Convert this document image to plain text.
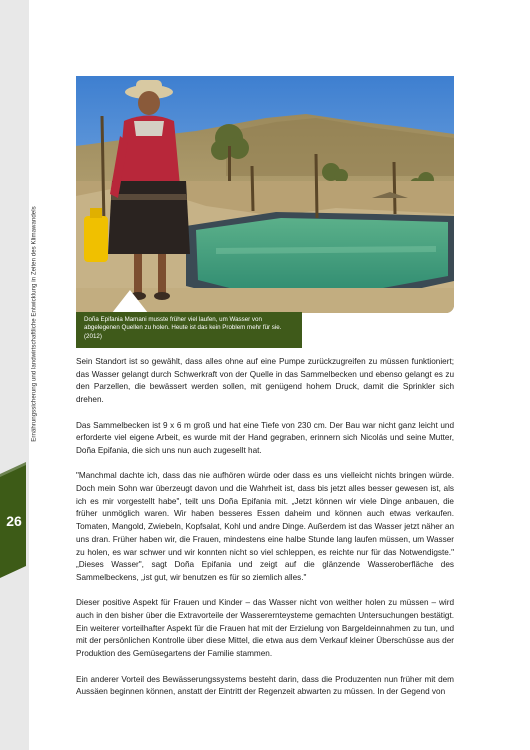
Ernährungssicherung und landwirtschaftliche Entwicklung in Zeiten des Klimawandels
26
Doña Epifania Mamani musste früher viel laufen, um Wasser von abgelegenen Quellen zu holen. Heute ist das kein Problem mehr für sie. (2012)

Sein Standort ist so gewählt, dass alles ohne auf eine Pumpe zurückzugreifen zu müssen funktioniert; das Wasser gelangt durch Schwerkraft von der Quelle in das Sammelbecken und ebenso gelangt es zu den Parzellen, die bewässert werden sollen, mit genügend hohem Druck, damit die Sprinkler sich drehen.

Das Sammelbecken ist 9 x 6 m groß und hat eine Tiefe von 230 cm. Der Bau war nicht ganz leicht und erforderte viel eigene Arbeit, es wurde mit der Hand gegraben, erinnern sich Nicolás und seine Mutter, Doña Epifania, die sich uns nun auch zugesellt hat.

"Manchmal dachte ich, dass das nie aufhören würde oder dass es uns vielleicht nichts bringen würde. Doch mein Sohn war überzeugt davon und die Wahrheit ist, dass bis jetzt alles besser gewesen ist, als ich es mir vorgestellt habe", teilt uns Doña Epifania mit. „Jetzt können wir viele Dinge anbauen, die früher unmöglich waren. Wir haben besseres Essen daheim und können auch etwas verkaufen. Tomaten, Mangold, Zwiebeln, Kopfsalat, Kohl und andre Dinge. Außerdem ist das Wasser jetzt näher an uns dran. Früher haben wir, die Frauen, mindestens eine halbe Stunde lang laufen müssen, um Wasser zu holen, es war schwer und wir konnten nicht so viel schleppen, es reichte nur für das Notwendigste." „Dieses Wasser", sagt Doña Epifania und zeigt auf die glänzende Wasseroberfläche des Sammelbeckens, „ist gut, wir benutzen es für so ziemlich alles."

Dieser positive Aspekt für Frauen und Kinder – das Wasser nicht von weither holen zu müssen – wird auch in den bisher über die Extravorteile der Wasserernteysteme gemachten Untersuchungen bestätigt. Ein weiterer vorteilhafter Aspekt für die Frauen hat mit der Erzielung von Bargeldeinnahmen zu tun, und mit der persönlichen Kontrolle über diese Mittel, die etwa aus dem Verkauf kleiner Überschüsse aus der Produktion des Gemüsegartens der Familie stammen.

Ein anderer Vorteil des Bewässerungssystems besteht darin, dass die Produzenten nun früher mit dem Aussäen beginnen können, anstatt der Eintritt der Regenzeit abwarten zu müssen. In der Gegend von
